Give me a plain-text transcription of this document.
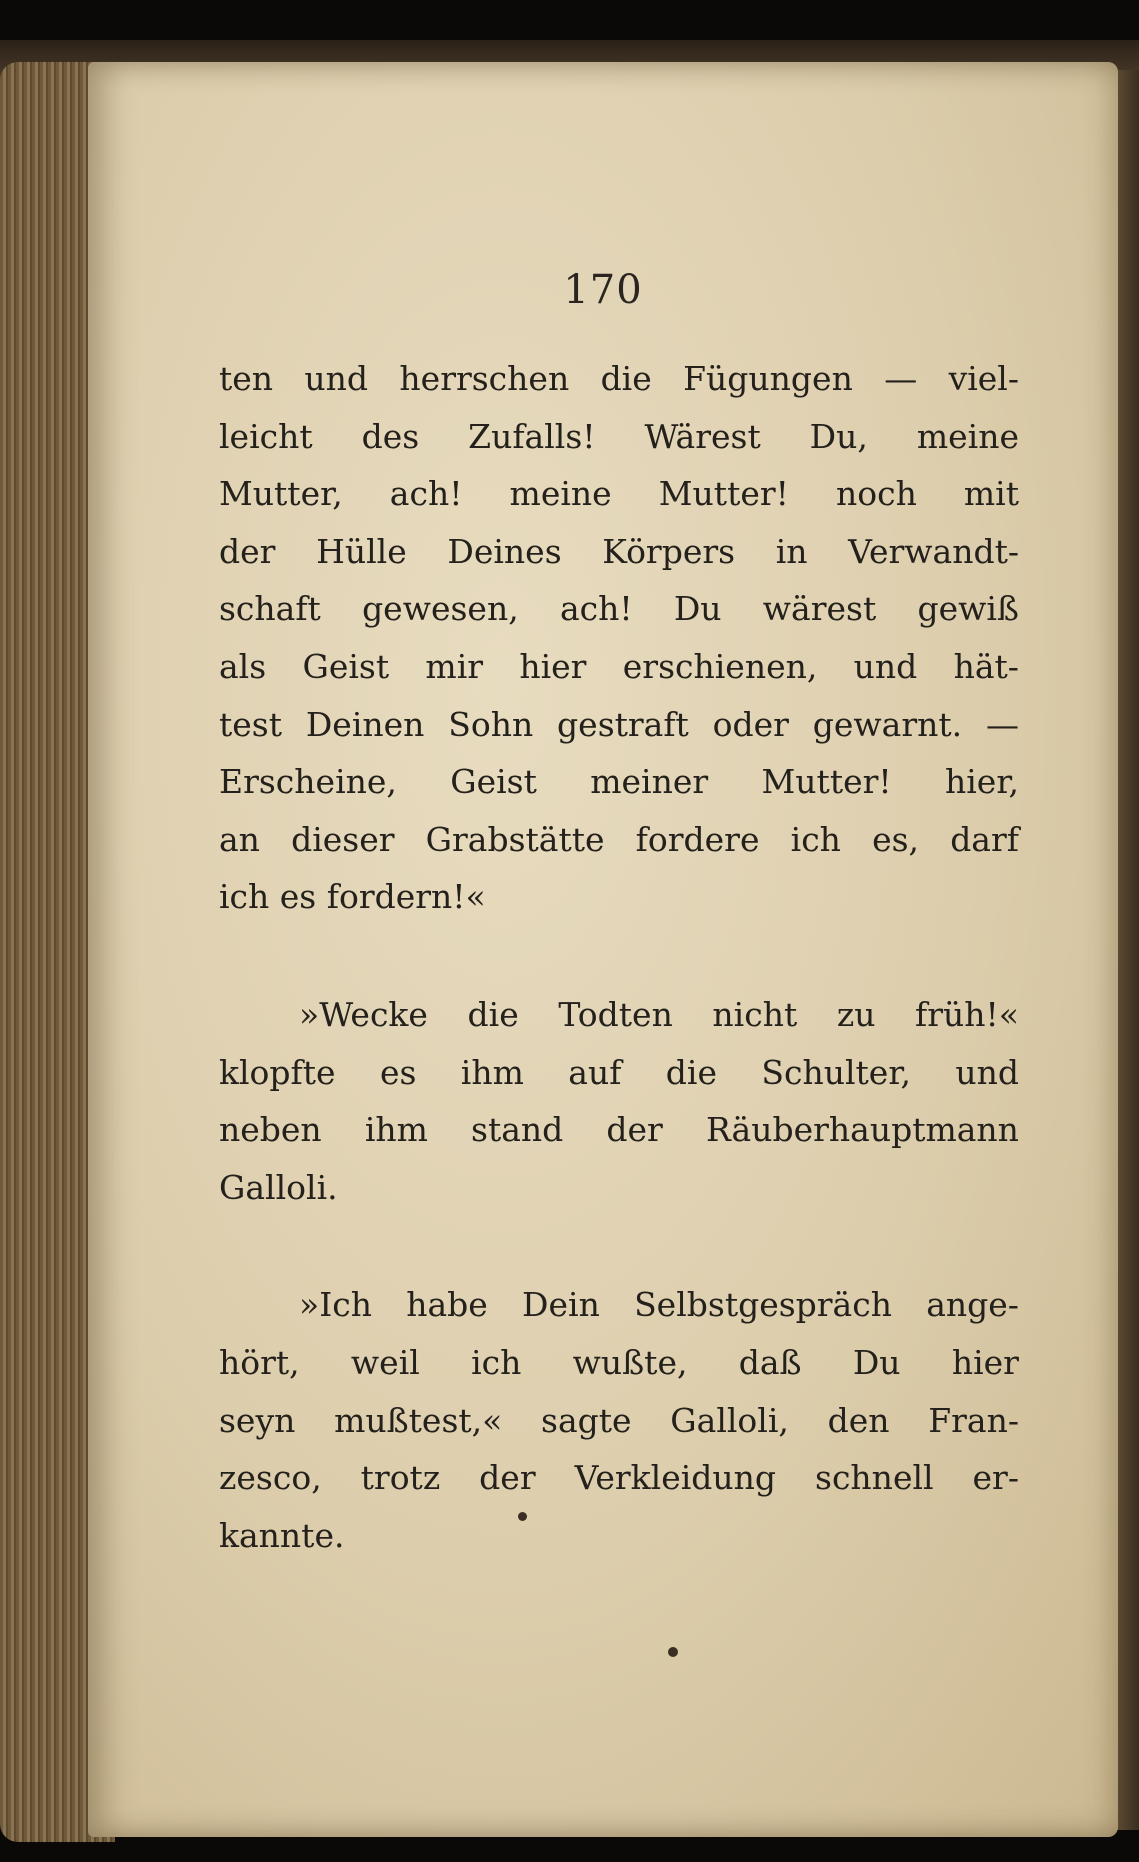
170
ten und herrschen die Fügungen — viel-
leicht des Zufalls! Wärest Du, meine
Mutter, ach! meine Mutter! noch mit
der Hülle Deines Körpers in Verwandt-
schaft gewesen, ach! Du wärest gewiß
als Geist mir hier erschienen, und hät-
test Deinen Sohn gestraft oder gewarnt. —
Erscheine, Geist meiner Mutter! hier,
an dieser Grabstätte fordere ich es, darf
ich es fordern!«
»Wecke die Todten nicht zu früh!«
klopfte es ihm auf die Schulter, und
neben ihm stand der Räuberhauptmann
Galloli.
»Ich habe Dein Selbstgespräch ange-
hört, weil ich wußte, daß Du hier
seyn mußtest,« sagte Galloli, den Fran-
zesco, trotz der Verkleidung schnell er-
kannte.
